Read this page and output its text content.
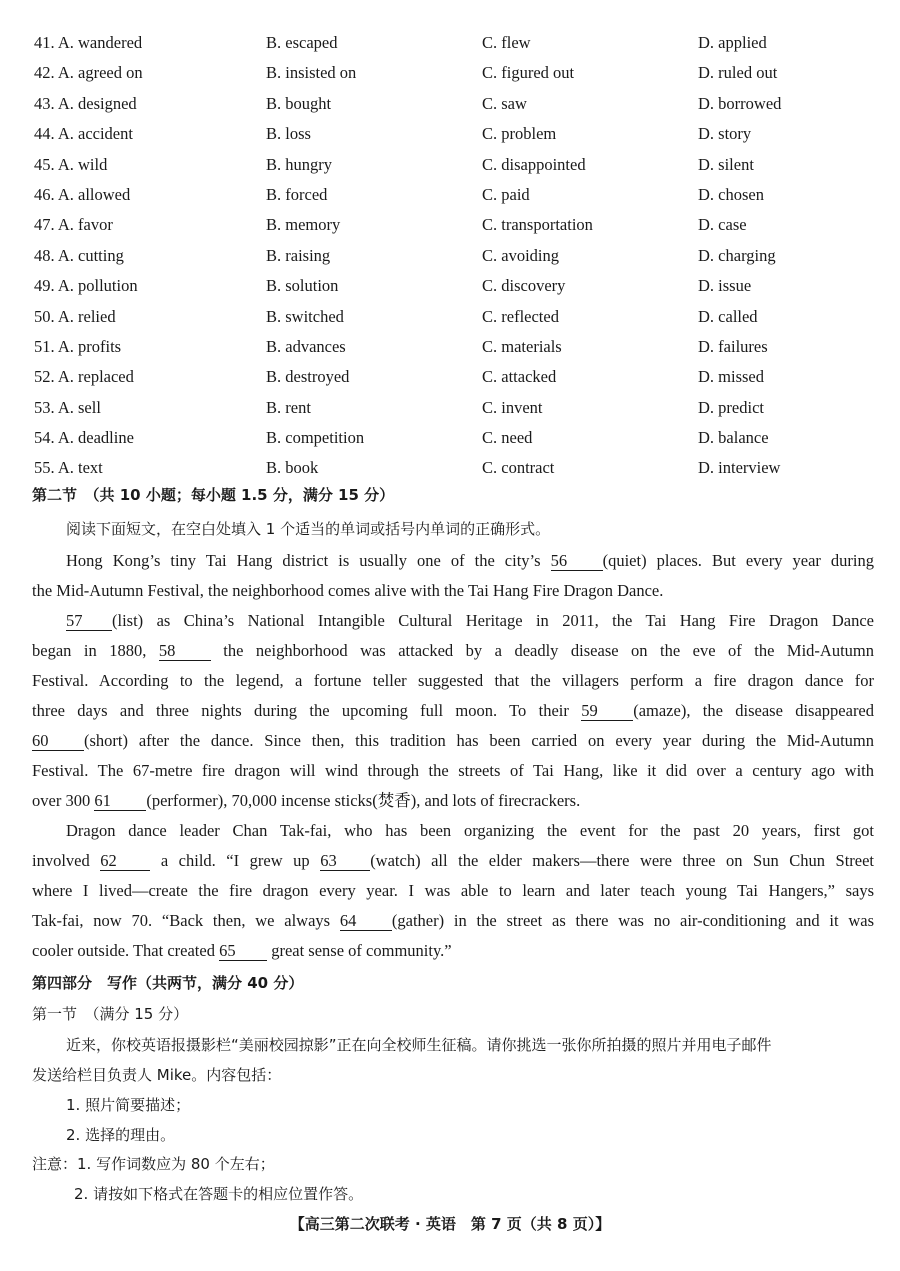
41. A. wandered	B. escaped	C. flew	D. applied
42. A. agreed on	B. insisted on	C. figured out	D. ruled out
43. A. designed	B. bought	C. saw	D. borrowed
44. A. accident	B. loss	C. problem	D. story
45. A. wild	B. hungry	C. disappointed	D. silent
46. A. allowed	B. forced	C. paid	D. chosen
47. A. favor	B. memory	C. transportation	D. case
48. A. cutting	B. raising	C. avoiding	D. charging
49. A. pollution	B. solution	C. discovery	D. issue
50. A. relied	B. switched	C. reflected	D. called
51. A. profits	B. advances	C. materials	D. failures
52. A. replaced	B. destroyed	C. attacked	D. missed
53. A. sell	B. rent	C. invent	D. predict
54. A. deadline	B. competition	C. need	D. balance
55. A. text	B. book	C. contract	D. interview
第二节　（共 10 小题；每小题 1.5 分，满分 15 分）
阅读下面短文，在空白处填入 1 个适当的单词或括号内单词的正确形式。
Hong Kong’s tiny Tai Hang district is usually one of the city’s 56 (quiet) places. But every year during
the Mid-Autumn Festival, the neighborhood comes alive with the Tai Hang Fire Dragon Dance.
57 (list) as China’s National Intangible Cultural Heritage in 2011, the Tai Hang Fire Dragon Dance
began in 1880, 58	the neighborhood was attacked by a deadly disease on the eve of the Mid-Autumn
Festival. According to the legend, a fortune teller suggested that the villagers perform a fire dragon dance for
three days and three nights during the upcoming full moon. To their 59 (amaze), the disease disappeared
60 (short) after the dance. Since then, this tradition has been carried on every year during the Mid-Autumn
Festival. The 67-metre fire dragon will wind through the streets of Tai Hang, like it did over a century ago with
over 300 61 (performer), 70,000 incense sticks(焚香), and lots of firecrackers.
Dragon dance leader Chan Tak-fai, who has been organizing the event for the past 20 years, first got
involved 62	a child. “I grew up 63 (watch) all the elder makers—there were three on Sun Chun Street
where I lived—create the fire dragon every year. I was able to learn and later teach young Tai Hangers,” says
Tak-fai, now 70. “Back then, we always 64 (gather) in the street as there was no air-conditioning and it was
cooler outside. That created 65 great sense of community.”
第四部分　写作（共两节，满分 40 分）
第一节　（满分 15 分）
近来，你校英语报摄影栏“美丽校园掠影”正在向全校师生征稿。请你挑选一张你所拍摄的照片并用电子邮件
发送给栏目负责人 Mike。内容包括：
1. 照片简要描述；
2. 选择的理由。
注意：1. 写作词数应为 80 个左右；
2. 请按如下格式在答题卡的相应位置作答。
【高三第二次联考 · 英语　第 7 页（共 8 页）】
